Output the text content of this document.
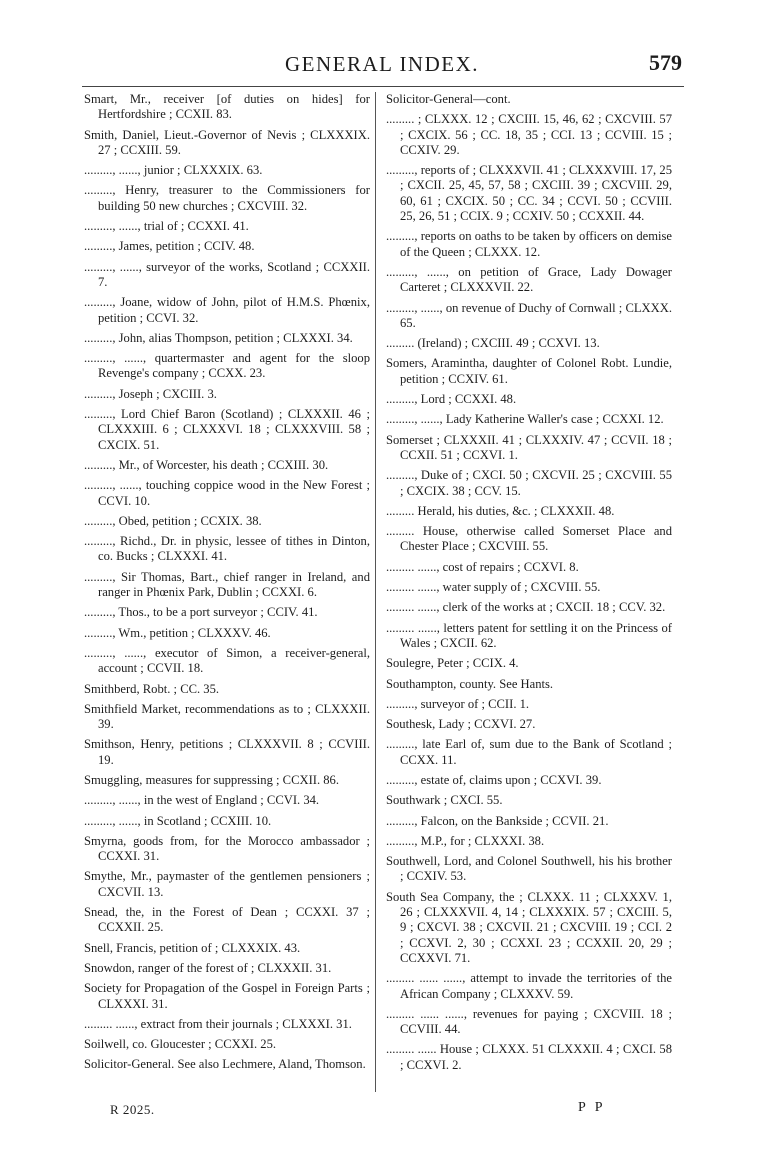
GENERAL INDEX.	579
Smart, Mr., receiver [of duties on hides] for Hertfordshire ; CCXII. 83.
Smith, Daniel, Lieut.-Governor of Nevis ; CLXXXIX. 27 ; CCXIII. 59.
........., ......, junior ; CLXXXIX. 63.
........., Henry, treasurer to the Commissioners for building 50 new churches ; CXCVIII. 32.
........., ......, trial of ; CCXXI. 41.
........., James, petition ; CCIV. 48.
........., ......, surveyor of the works, Scotland ; CCXXII. 7.
........., Joane, widow of John, pilot of H.M.S. Phœnix, petition ; CCVI. 32.
........., John, alias Thompson, petition ; CLXXXI. 34.
........., ......, quartermaster and agent for the sloop Revenge's company ; CCXX. 23.
........., Joseph ; CXCIII. 3.
........., Lord Chief Baron (Scotland) ; CLXXXII. 46 ; CLXXXIII. 6 ; CLXXXVI. 18 ; CLXXXVIII. 58 ; CXCIX. 51.
........., Mr., of Worcester, his death ; CCXIII. 30.
........., ......, touching coppice wood in the New Forest ; CCVI. 10.
........., Obed, petition ; CCXIX. 38.
........., Richd., Dr. in physic, lessee of tithes in Dinton, co. Bucks ; CLXXXI. 41.
........., Sir Thomas, Bart., chief ranger in Ireland, and ranger in Phœnix Park, Dublin ; CCXXI. 6.
........., Thos., to be a port surveyor ; CCIV. 41.
........., Wm., petition ; CLXXXV. 46.
........., ......, executor of Simon, a receiver-general, account ; CCVII. 18.
Smithberd, Robt. ; CC. 35.
Smithfield Market, recommendations as to ; CLXXXII. 39.
Smithson, Henry, petitions ; CLXXXVII. 8 ; CCVIII. 19.
Smuggling, measures for suppressing ; CCXII. 86.
........., ......, in the west of England ; CCVI. 34.
........., ......, in Scotland ; CCXIII. 10.
Smyrna, goods from, for the Morocco ambassador ; CCXXI. 31.
Smythe, Mr., paymaster of the gentlemen pensioners ; CXCVII. 13.
Snead, the, in the Forest of Dean ; CCXXI. 37 ; CCXXII. 25.
Snell, Francis, petition of ; CLXXXIX. 43.
Snowdon, ranger of the forest of ; CLXXXII. 31.
Society for Propagation of the Gospel in Foreign Parts ; CLXXXI. 31.
......... ......, extract from their journals ; CLXXXI. 31.
Soilwell, co. Gloucester ; CCXXI. 25.
Solicitor-General. See also Lechmere, Aland, Thomson.
Solicitor-General—cont.
......... ; CLXXX. 12 ; CXCIII. 15, 46, 62 ; CXCVIII. 57 ; CXCIX. 56 ; CC. 18, 35 ; CCI. 13 ; CCVIII. 15 ; CCXIV. 29.
........., reports of ; CLXXXVII. 41 ; CLXXXVIII. 17, 25 ; CXCII. 25, 45, 57, 58 ; CXCIII. 39 ; CXCVIII. 29, 60, 61 ; CXCIX. 50 ; CC. 34 ; CCVI. 50 ; CCVIII. 25, 26, 51 ; CCIX. 9 ; CCXIV. 50 ; CCXXII. 44.
........., reports on oaths to be taken by officers on demise of the Queen ; CLXXX. 12.
........., ......, on petition of Grace, Lady Dowager Carteret ; CLXXXVII. 22.
........., ......, on revenue of Duchy of Cornwall ; CLXXX. 65.
......... (Ireland) ; CXCIII. 49 ; CCXVI. 13.
Somers, Aramintha, daughter of Colonel Robt. Lundie, petition ; CCXIV. 61.
........., Lord ; CCXXI. 48.
........., ......, Lady Katherine Waller's case ; CCXXI. 12.
Somerset ; CLXXXII. 41 ; CLXXXIV. 47 ; CCVII. 18 ; CCXII. 51 ; CCXVI. 1.
........., Duke of ; CXCI. 50 ; CXCVII. 25 ; CXCVIII. 55 ; CXCIX. 38 ; CCV. 15.
......... Herald, his duties, &c. ; CLXXXII. 48.
......... House, otherwise called Somerset Place and Chester Place ; CXCVIII. 55.
......... ......, cost of repairs ; CCXVI. 8.
......... ......, water supply of ; CXCVIII. 55.
......... ......, clerk of the works at ; CXCII. 18 ; CCV. 32.
......... ......, letters patent for settling it on the Princess of Wales ; CXCII. 62.
Soulegre, Peter ; CCIX. 4.
Southampton, county. See Hants.
........., surveyor of ; CCII. 1.
Southesk, Lady ; CCXVI. 27.
........., late Earl of, sum due to the Bank of Scotland ; CCXX. 11.
........., estate of, claims upon ; CCXVI. 39.
Southwark ; CXCI. 55.
........., Falcon, on the Bankside ; CCVII. 21.
........., M.P., for ; CLXXXI. 38.
Southwell, Lord, and Colonel Southwell, his his brother ; CCXIV. 53.
South Sea Company, the ; CLXXX. 11 ; CLXXXV. 1, 26 ; CLXXXVII. 4, 14 ; CLXXXIX. 57 ; CXCIII. 5, 9 ; CXCVI. 38 ; CXCVII. 21 ; CXCVIII. 19 ; CCI. 2 ; CCXVI. 2, 30 ; CCXXI. 23 ; CCXXII. 20, 29 ; CCXXVI. 71.
......... ...... ......, attempt to invade the territories of the African Company ; CLXXXV. 59.
......... ...... ......, revenues for paying ; CXCVIII. 18 ; CCVIII. 44.
......... ...... House ; CLXXX. 51 CLXXXII. 4 ; CXCI. 58 ; CCXVI. 2.
R 2025.	P P
